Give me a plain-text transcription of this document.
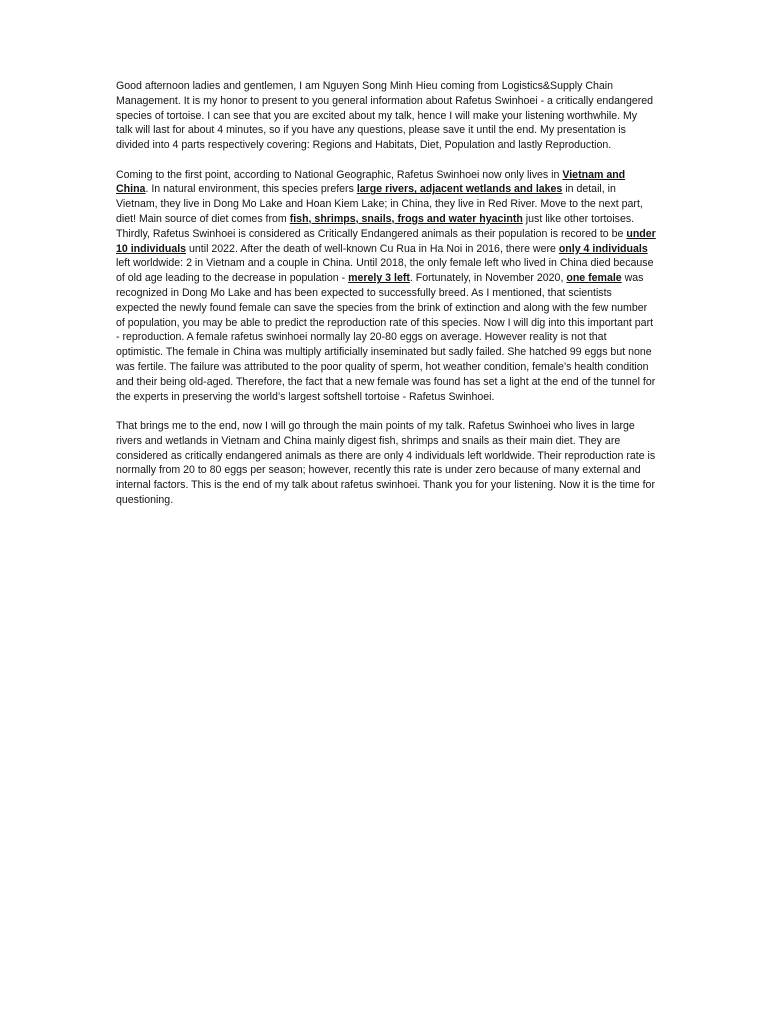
Good afternoon ladies and gentlemen, I am Nguyen Song Minh Hieu coming from Logistics&Supply Chain Management. It is my honor to present to you general information about Rafetus Swinhoei - a critically endangered species of tortoise. I can see that you are excited about my talk, hence I will make your listening worthwhile. My talk will last for about 4 minutes, so if you have any questions, please save it until the end. My presentation is divided into 4 parts respectively covering: Regions and Habitats, Diet, Population and lastly Reproduction.

Coming to the first point, according to National Geographic, Rafetus Swinhoei now only lives in Vietnam and China. In natural environment, this species prefers large rivers, adjacent wetlands and lakes in detail, in Vietnam, they live in Dong Mo Lake and Hoan Kiem Lake; in China, they live in Red River. Move to the next part, diet! Main source of diet comes from fish, shrimps, snails, frogs and water hyacinth just like other tortoises. Thirdly, Rafetus Swinhoei is considered as Critically Endangered animals as their population is recored to be under 10 individuals until 2022. After the death of well-known Cu Rua in Ha Noi in 2016, there were only 4 individuals left worldwide: 2 in Vietnam and a couple in China. Until 2018, the only female left who lived in China died because of old age leading to the decrease in population - merely 3 left. Fortunately, in November 2020, one female was recognized in Dong Mo Lake and has been expected to successfully breed. As I mentioned, that scientists expected the newly found female can save the species from the brink of extinction and along with the few number of population, you may be able to predict the reproduction rate of this species. Now I will dig into this important part - reproduction. A female rafetus swinhoei normally lay 20-80 eggs on average. However reality is not that optimistic. The female in China was multiply artificially inseminated but sadly failed. She hatched 99 eggs but none was fertile. The failure was attributed to the poor quality of sperm, hot weather condition, female’s health condition and their being old-aged. Therefore, the fact that a new female was found has set a light at the end of the tunnel for the experts in preserving the world’s largest softshell tortoise - Rafetus Swinhoei.

That brings me to the end, now I will go through the main points of my talk. Rafetus Swinhoei who lives in large rivers and wetlands in Vietnam and China mainly digest fish, shrimps and snails as their main diet. They are considered as critically endangered animals as there are only 4 individuals left worldwide. Their reproduction rate is normally from 20 to 80 eggs per season; however, recently this rate is under zero because of many external and internal factors. This is the end of my talk about rafetus swinhoei. Thank you for your listening. Now it is the time for questioning.
